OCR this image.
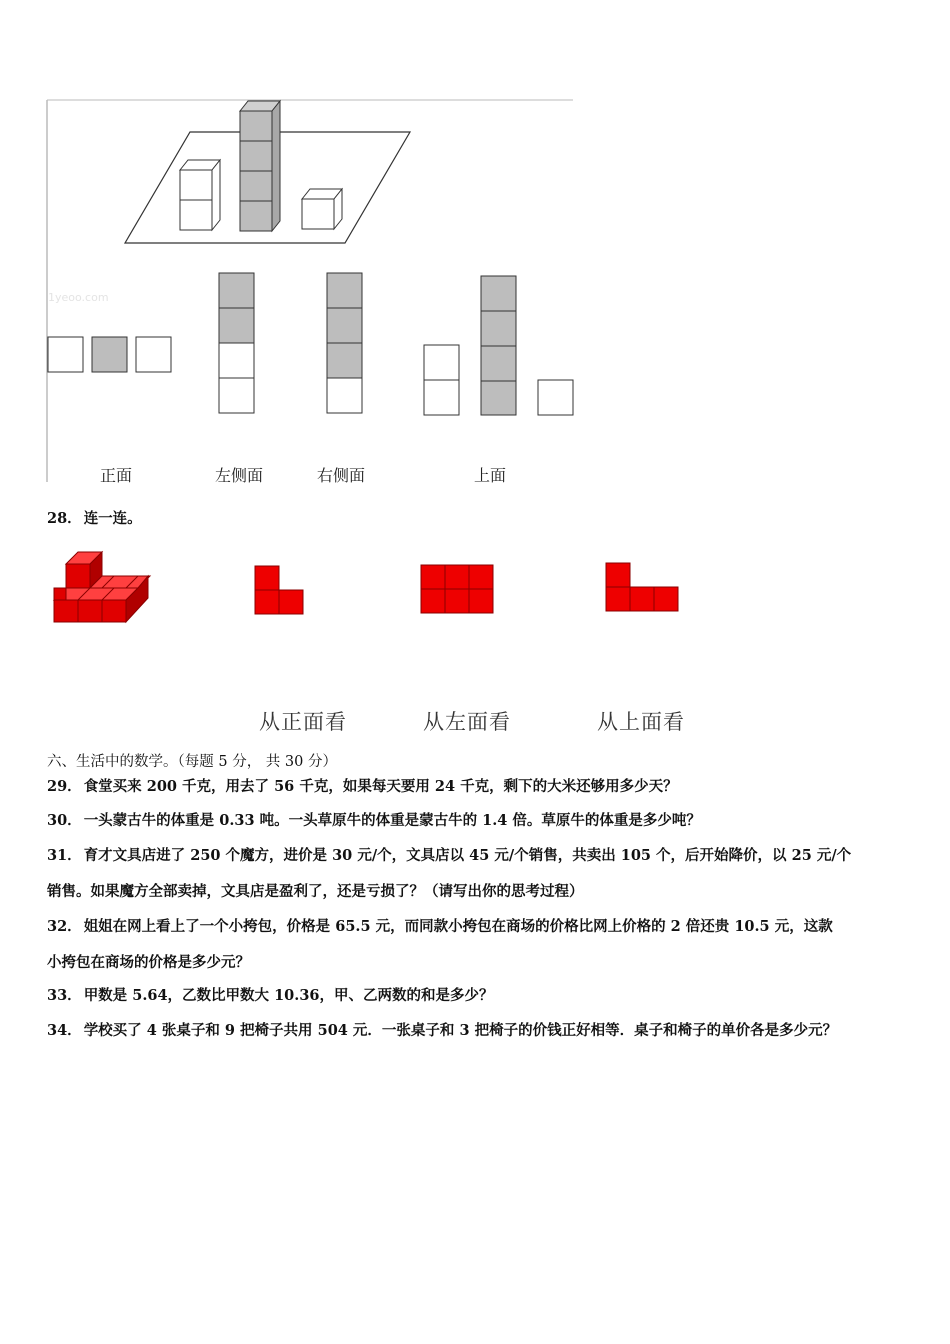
1yeoo.com
正面	左侧面	右侧面	上面
28． 连一连。
从正面看	从左面看	从上面看
六、生活中的数学。（每题 5 分， 共 30 分）
29． 食堂买来 200 千克，用去了 56 千克，如果每天要用 24 千克，剩下的大米还够用多少天？
30． 一头蒙古牛的体重是 0.33 吨。一头草原牛的体重是蒙古牛的 1.4 倍。草原牛的体重是多少吨？
31． 育才文具店进了 250 个魔方，进价是 30 元/个，文具店以 45 元/个销售，共卖出 105 个，后开始降价，以 25 元/个
销售。如果魔方全部卖掉，文具店是盈利了，还是亏损了？（请写出你的思考过程）
32． 姐姐在网上看上了一个小挎包，价格是 65.5 元，而同款小挎包在商场的价格比网上价格的 2 倍还贵 10.5 元，这款
小挎包在商场的价格是多少元？
33． 甲数是 5.64，乙数比甲数大 10.36，甲、乙两数的和是多少？
34． 学校买了 4 张桌子和 9 把椅子共用 504 元．一张桌子和 3 把椅子的价钱正好相等．桌子和椅子的单价各是多少元？
